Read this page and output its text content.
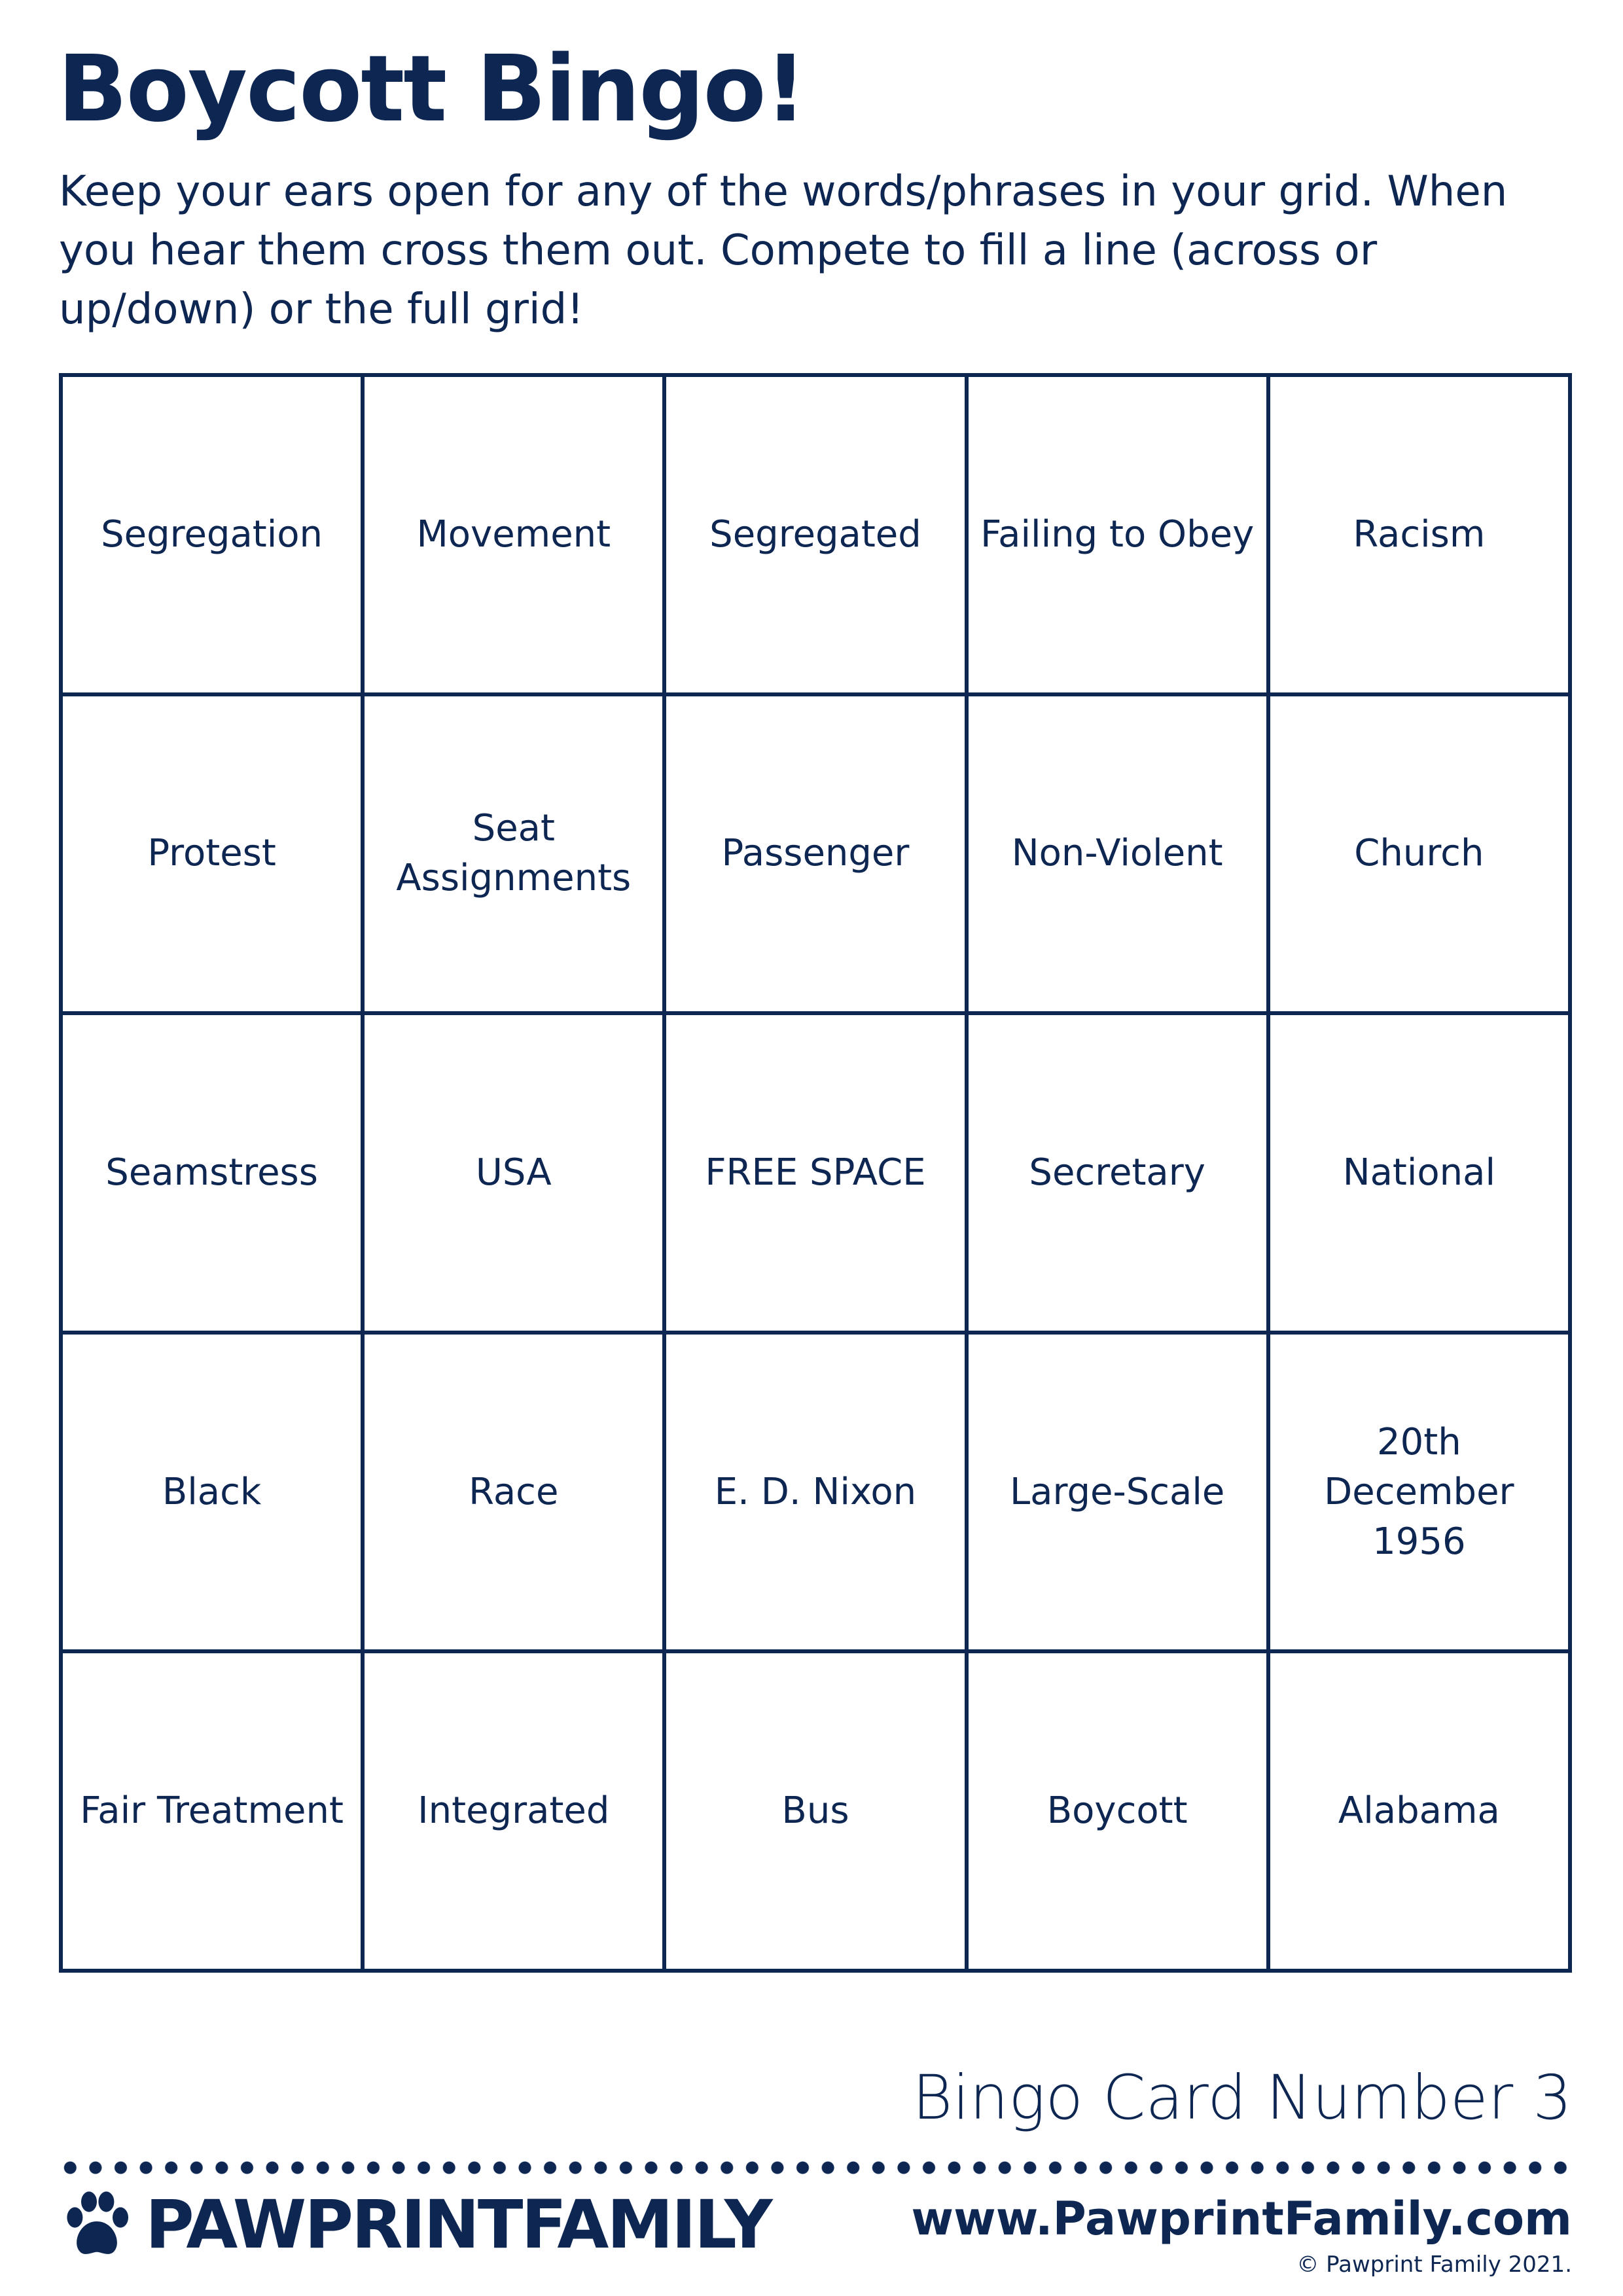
Boycott Bingo!

Keep your ears open for any of the words/phrases in your grid. When you hear them cross them out. Compete to fill a line (across or up/down) or the full grid!

Segregation	Movement	Segregated	Failing to Obey	Racism
Protest	Seat Assignments	Passenger	Non-Violent	Church
Seamstress	USA	FREE SPACE	Secretary	National
Black	Race	E. D. Nixon	Large-Scale	20th December 1956
Fair Treatment	Integrated	Bus	Boycott	Alabama

Bingo Card Number 3

PAWPRINTFAMILY	www.PawprintFamily.com

© Pawprint Family 2021.
